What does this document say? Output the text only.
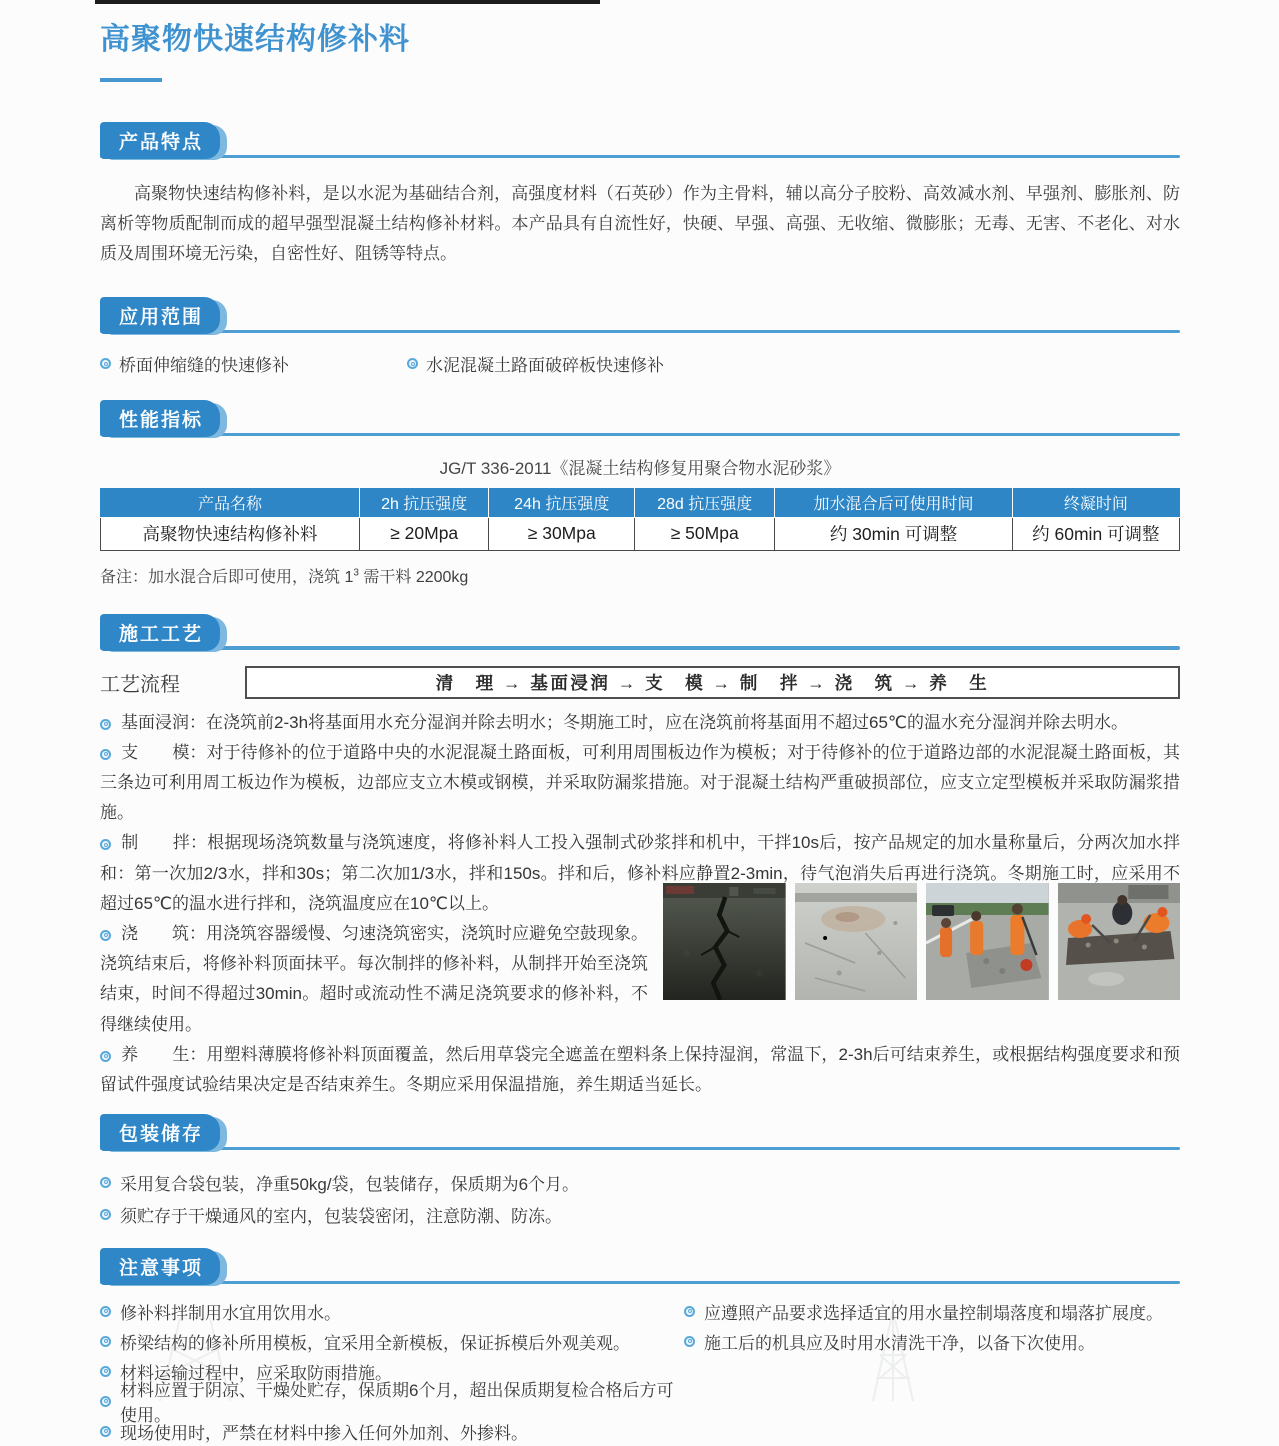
高聚物快速结构修补料
产品特点
高聚物快速结构修补料，是以水泥为基础结合剂，高强度材料（石英砂）作为主骨料，辅以高分子胶粉、高效减水剂、早强剂、膨胀剂、防离析等物质配制而成的超早强型混凝土结构修补材料。本产品具有自流性好，快硬、早强、高强、无收缩、微膨胀；无毒、无害、不老化、对水质及周围环境无污染，自密性好、阻锈等特点。
应用范围
桥面伸缩缝的快速修补	水泥混凝土路面破碎板快速修补
性能指标
JG/T 336-2011《混凝土结构修复用聚合物水泥砂浆》
产品名称	2h 抗压强度	24h 抗压强度	28d 抗压强度	加水混合后可使用时间	终凝时间
高聚物快速结构修补料	≥ 20Mpa	≥ 30Mpa	≥ 50Mpa	约 30min 可调整	约 60min 可调整
备注：加水混合后即可使用，浇筑 $1^3$ 需干料 2200kg
施工工艺
工艺流程	清　理 → 基面浸润 → 支　模 → 制　拌 → 浇　筑 → 养　生
基面浸润：在浇筑前2-3h将基面用水充分湿润并除去明水；冬期施工时，应在浇筑前将基面用不超过65℃的温水充分湿润并除去明水。
支　　模：对于待修补的位于道路中央的水泥混凝土路面板，可利用周围板边作为模板；对于待修补的位于道路边部的水泥混凝土路面板，其三条边可利用周工板边作为模板，边部应支立木模或钢模，并采取防漏浆措施。对于混凝土结构严重破损部位，应支立定型模板并采取防漏浆措施。
制　　拌：根据现场浇筑数量与浇筑速度，将修补料人工投入强制式砂浆拌和机中，干拌10s后，按产品规定的加水量称量后，分两次加水拌和：第一次加2/3水，拌和30s；第二次加1/3水，拌和150s。拌和后，修补料应静置2-3min，待气泡消失后再进行浇筑。冬期施工时，应采用不超过65℃的温水进行拌和，浇筑温度应在10℃以上。
浇　　筑：用浇筑容器缓慢、匀速浇筑密实，浇筑时应避免空鼓现象。浇筑结束后，将修补料顶面抹平。每次制拌的修补料，从制拌开始至浇筑结束，时间不得超过30min。超时或流动性不满足浇筑要求的修补料，不得继续使用。
养　　生：用塑料薄膜将修补料顶面覆盖，然后用草袋完全遮盖在塑料条上保持湿润，常温下，2-3h后可结束养生，或根据结构强度要求和预留试件强度试验结果决定是否结束养生。冬期应采用保温措施，养生期适当延长。
包装储存
采用复合袋包装，净重50kg/袋，包装储存，保质期为6个月。
须贮存于干燥通风的室内，包装袋密闭，注意防潮、防冻。
注意事项
修补料拌制用水宜用饮用水。
桥梁结构的修补所用模板，宜采用全新模板，保证拆模后外观美观。
材料运输过程中，应采取防雨措施。
材料应置于阴凉、干燥处贮存，保质期6个月，超出保质期复检合格后方可使用。
现场使用时，严禁在材料中掺入任何外加剂、外掺料。
应遵照产品要求选择适宜的用水量控制塌落度和塌落扩展度。
施工后的机具应及时用水清洗干净，以备下次使用。
